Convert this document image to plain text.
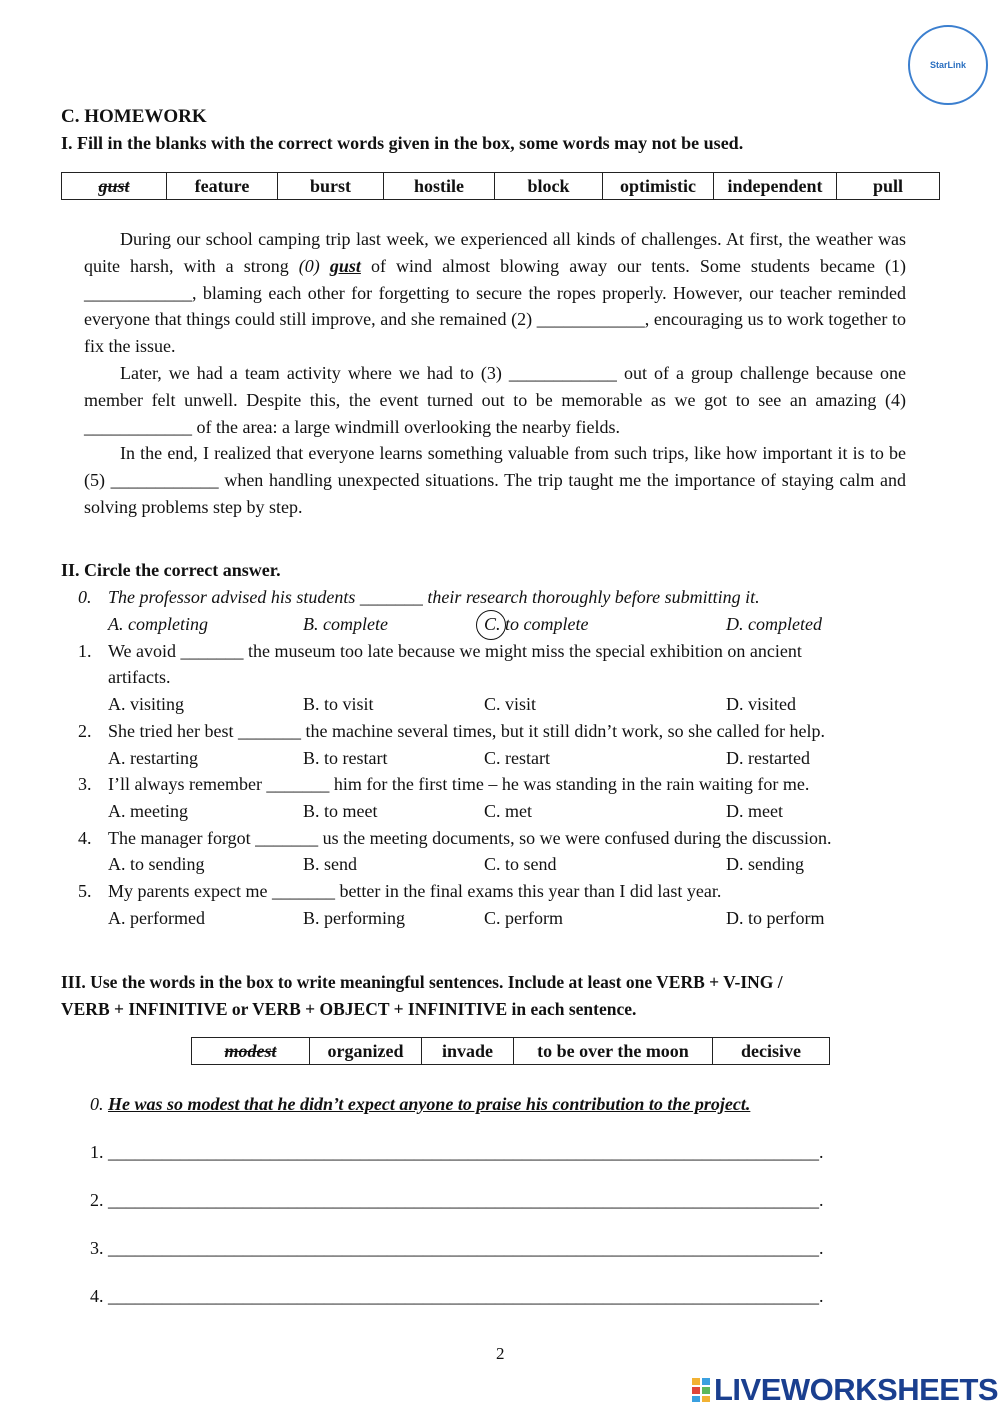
StarLink
C. HOMEWORK
I. Fill in the blanks with the correct words given in the box, some words may not be used.
gust	feature	burst	hostile	block	optimistic	independent	pull
During our school camping trip last week, we experienced all kinds of challenges. At first, the weather was quite harsh, with a strong (0) gust of wind almost blowing away our tents. Some students became (1) ____________, blaming each other for forgetting to secure the ropes properly. However, our teacher reminded everyone that things could still improve, and she remained (2) ____________, encouraging us to work together to fix the issue.
Later, we had a team activity where we had to (3) ____________ out of a group challenge because one member felt unwell. Despite this, the event turned out to be memorable as we got to see an amazing (4) ____________ of the area: a large windmill overlooking the nearby fields.
In the end, I realized that everyone learns something valuable from such trips, like how important it is to be (5) ____________ when handling unexpected situations. The trip taught me the importance of staying calm and solving problems step by step.
II. Circle the correct answer.
0. The professor advised his students _______ their research thoroughly before submitting it.
A. completing	B. complete	C. to complete	D. completed
1. We avoid _______ the museum too late because we might miss the special exhibition on ancient
artifacts.
A. visiting	B. to visit	C. visit	D. visited
2. She tried her best _______ the machine several times, but it still didn’t work, so she called for help.
A. restarting	B. to restart	C. restart	D. restarted
3. I’ll always remember _______ him for the first time – he was standing in the rain waiting for me.
A. meeting	B. to meet	C. met	D. meet
4. The manager forgot _______ us the meeting documents, so we were confused during the discussion.
A. to sending	B. send	C. to send	D. sending
5. My parents expect me _______ better in the final exams this year than I did last year.
A. performed	B. performing	C. perform	D. to perform
III. Use the words in the box to write meaningful sentences. Include at least one VERB + V-ING /
VERB + INFINITIVE or VERB + OBJECT + INFINITIVE in each sentence.
modest	organized	invade	to be over the moon	decisive
0. He was so modest that he didn’t expect anyone to praise his contribution to the project.
1. _______________________________________________________________________________.
2. _______________________________________________________________________________.
3. _______________________________________________________________________________.
4. _______________________________________________________________________________.
2
LIVEWORKSHEETS
